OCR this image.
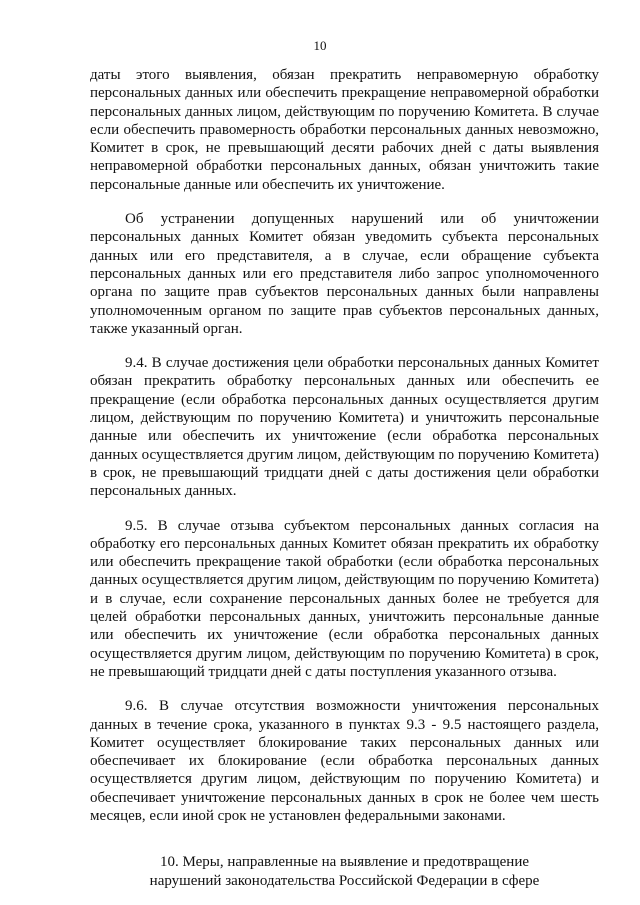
10

даты этого выявления, обязан прекратить неправомерную обработку персональных данных или обеспечить прекращение неправомерной обработки персональных данных лицом, действующим по поручению Комитета. В случае если обеспечить правомерность обработки персональных данных невозможно, Комитет в срок, не превышающий десяти рабочих дней с даты выявления неправомерной обработки персональных данных, обязан уничтожить такие персональные данные или обеспечить их уничтожение.

Об устранении допущенных нарушений или об уничтожении персональных данных Комитет обязан уведомить субъекта персональных данных или его представителя, а в случае, если обращение субъекта персональных данных или его представителя либо запрос уполномоченного органа по защите прав субъектов персональных данных были направлены уполномоченным органом по защите прав субъектов персональных данных, также указанный орган.

9.4. В случае достижения цели обработки персональных данных Комитет обязан прекратить обработку персональных данных или обеспечить ее прекращение (если обработка персональных данных осуществляется другим лицом, действующим по поручению Комитета) и уничтожить персональные данные или обеспечить их уничтожение (если обработка персональных данных осуществляется другим лицом, действующим по поручению Комитета) в срок, не превышающий тридцати дней с даты достижения цели обработки персональных данных.

9.5. В случае отзыва субъектом персональных данных согласия на обработку его персональных данных Комитет обязан прекратить их обработку или обеспечить прекращение такой обработки (если обработка персональных данных осуществляется другим лицом, действующим по поручению Комитета) и в случае, если сохранение персональных данных более не требуется для целей обработки персональных данных, уничтожить персональные данные или обеспечить их уничтожение (если обработка персональных данных осуществляется другим лицом, действующим по поручению Комитета) в срок, не превышающий тридцати дней с даты поступления указанного отзыва.

9.6. В случае отсутствия возможности уничтожения персональных данных в течение срока, указанного в пунктах 9.3 - 9.5 настоящего раздела, Комитет осуществляет блокирование таких персональных данных или обеспечивает их блокирование (если обработка персональных данных осуществляется другим лицом, действующим по поручению Комитета) и обеспечивает уничтожение персональных данных в срок не более чем шесть месяцев, если иной срок не установлен федеральными законами.

10. Меры, направленные на выявление и предотвращение

нарушений законодательства Российской Федерации в сфере
